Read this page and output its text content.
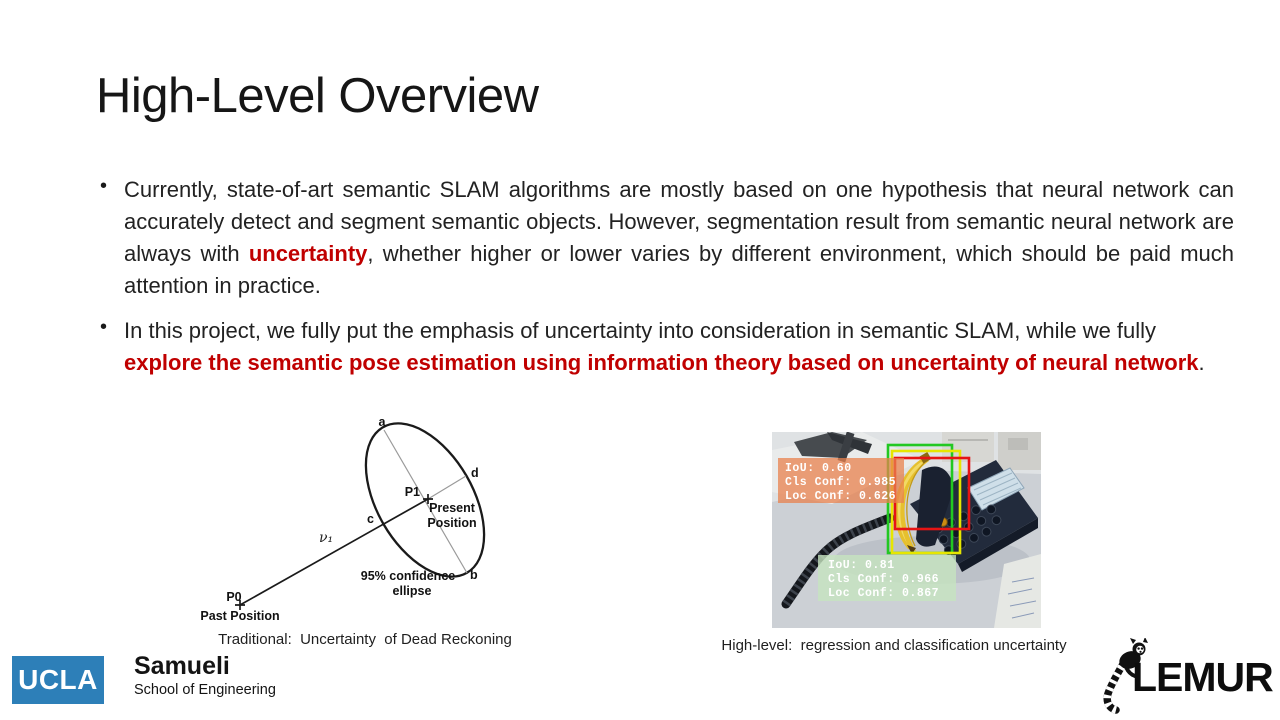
High-Level Overview
• Currently, state-of-art semantic SLAM algorithms are mostly based on one hypothesis that neural network can accurately detect and segment semantic objects. However, segmentation result from semantic neural network are always with uncertainty, whether higher or lower varies by different environment, which should be paid much attention in practice.

• In this project, we fully put the emphasis of uncertainty into consideration in semantic SLAM, while we fully explore the semantic pose estimation using information theory based on uncertainty of neural network.

a
d
c
b
P1
Present
Position
ν₁
95% confidence
ellipse
P0
Past Position
Traditional:  Uncertainty  of Dead Reckoning
IoU: 0.60
Cls Conf: 0.985
Loc Conf: 0.626
IoU: 0.81
Cls Conf: 0.966
Loc Conf: 0.867
High-level:  regression and classification uncertainty
UCLA Samueli
School of Engineering	LEMUR
